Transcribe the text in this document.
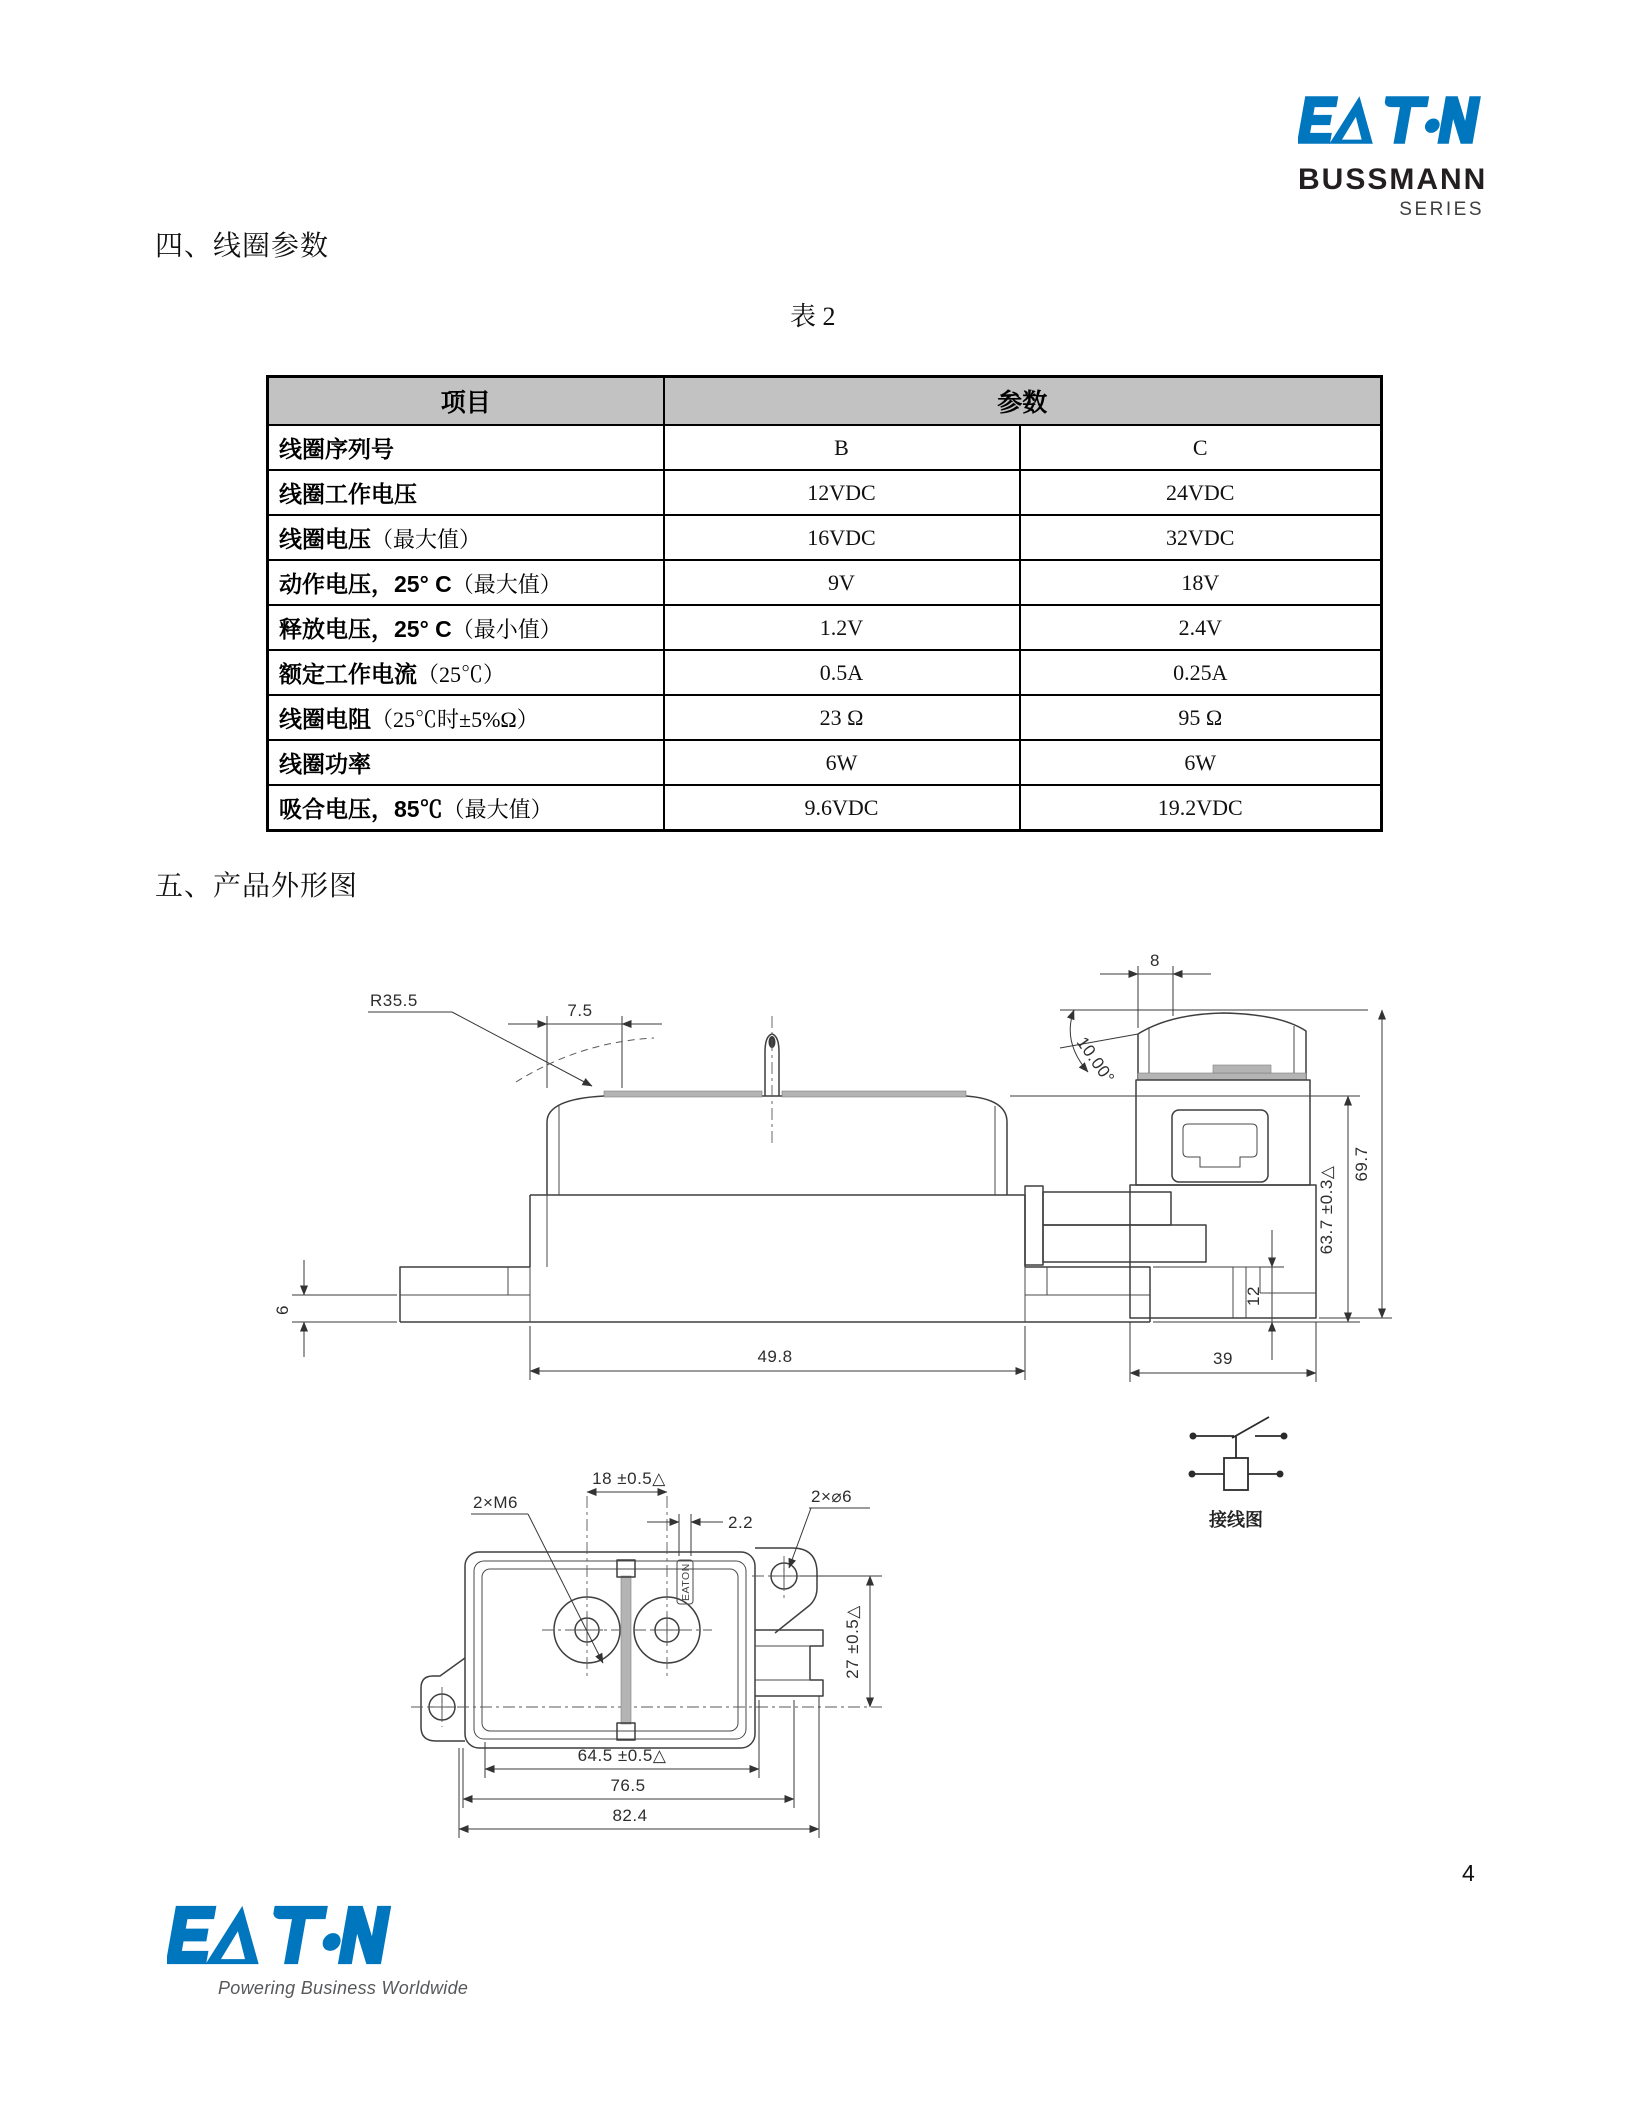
BUSSMANN
SERIES
四、线圈参数
表 2
项目	参数	
线圈序列号	B	C
线圈工作电压	12VDC	24VDC
线圈电压（最大值）	16VDC	32VDC
动作电压，25° C（最大值）	9V	18V
释放电压，25° C（最小值）	1.2V	2.4V
额定工作电流（25℃）	0.5A	0.25A
线圈电阻（25℃时±5%Ω）	23 Ω	95 Ω
线圈功率	6W	6W
吸合电压，85℃（最大值）	9.6VDC	19.2VDC
五、产品外形图
7.5
R35.5
63.7 ±0.3△
6
12
49.8
10.00°
8
69.7
39
接线图
EATON
18 ±0.5△
2.2
2×M6	2×⌀6
27 ±0.5△
64.5 ±0.5△
76.5
82.4
4
Powering Business Worldwide
